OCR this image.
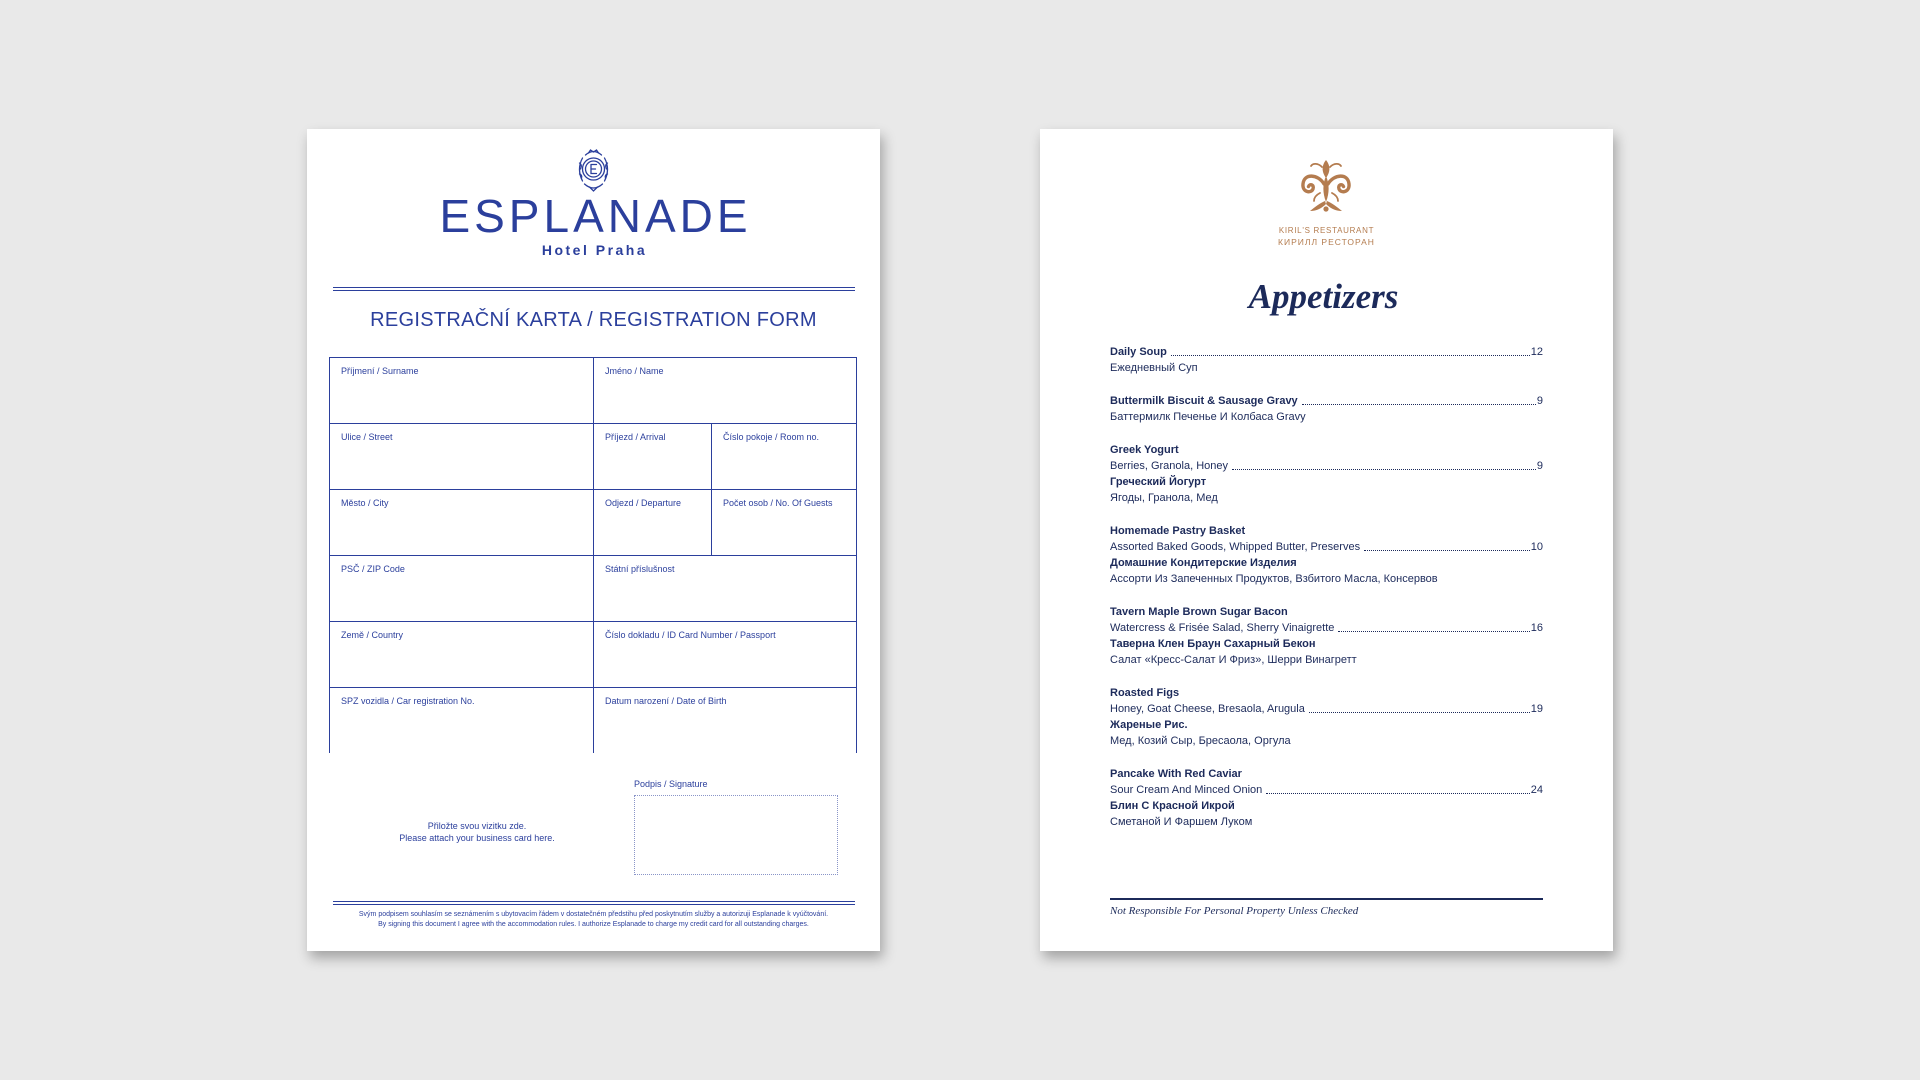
ESPLANADE
Hotel Praha
REGISTRAČNÍ KARTA / REGISTRATION FORM
Příjmení / Surname	Jméno / Name
Ulice / Street	Příjezd / Arrival	Číslo pokoje / Room no.
Město / City	Odjezd / Departure	Počet osob / No. Of Guests
PSČ / ZIP Code	Státní příslušnost
Země / Country	Číslo dokladu / ID Card Number / Passport
SPZ vozidla / Car registration No.	Datum narození / Date of Birth
Podpis / Signature
Přiložte svou vizitku zde.
Please attach your business card here.
Svým podpisem souhlasím se seznámením s ubytovacím řádem v dostatečném předstihu před poskytnutím služby a autorizuji Esplanade k vyúčtování.
By signing this document I agree with the accommodation rules. I authorize Esplanade to charge my credit card for all outstanding charges.
KIRIL'S RESTAURANT
КИРИЛЛ РЕСТОРАН
Appetizers
Daily Soup	12
Ежедневный Суп
Buttermilk Biscuit & Sausage Gravy	9
Баттермилк Печенье И Колбаса Gravy
Greek Yogurt
Berries, Granola, Honey	9
Греческий Йогурт
Ягоды, Гранола, Мед
Homemade Pastry Basket
Assorted Baked Goods, Whipped Butter, Preserves	10
Домашние Кондитерские Изделия
Ассорти Из Запеченных Продуктов, Взбитого Масла, Консервов
Tavern Maple Brown Sugar Bacon
Watercress & Frisée Salad, Sherry Vinaigrette	16
Таверна Клен Браун Сахарный Бекон
Салат «Кресс-Салат И Фриз», Шерри Винагретт
Roasted Figs
Honey, Goat Cheese, Bresaola, Arugula	19
Жареные Рис.
Мед, Козий Сыр, Бресаола, Оргула
Pancake With Red Caviar
Sour Cream And Minced Onion	24
Блин С Красной Икрой
Сметаной И Фаршем Луком
Not Responsible For Personal Property Unless Checked
